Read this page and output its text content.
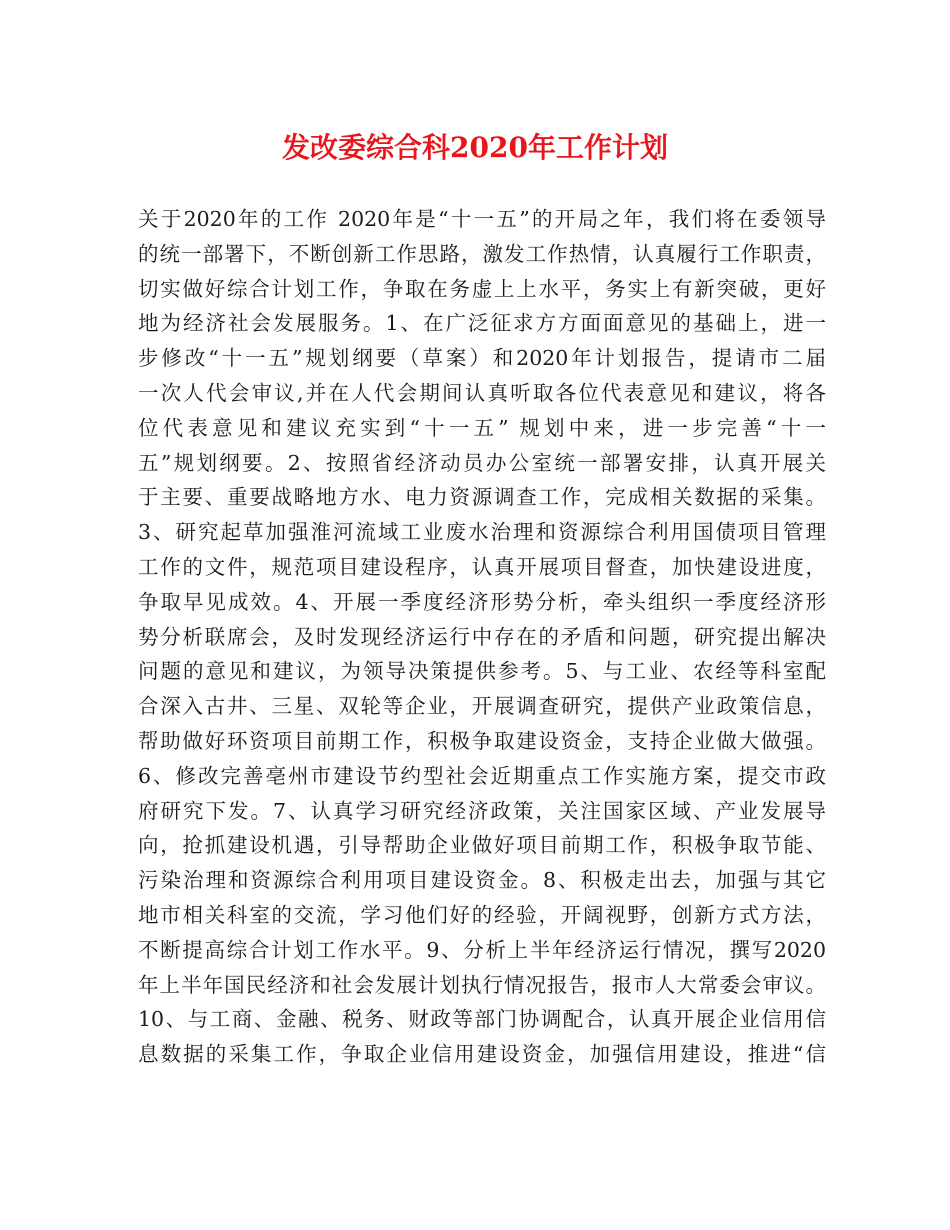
发改委综合科2020年工作计划
关于2020年的工作 2020年是“十一五”的开局之年，我们将在委领导
的统一部署下，不断创新工作思路，激发工作热情，认真履行工作职责，
切实做好综合计划工作，争取在务虚上上水平，务实上有新突破，更好
地为经济社会发展服务。1、在广泛征求方方面面意见的基础上，进一
步修改“十一五”规划纲要（草案）和2020年计划报告，提请市二届
一次人代会审议,并在人代会期间认真听取各位代表意见和建议，将各
位代表意见和建议充实到“十一五” 规划中来，进一步完善“十一
五”规划纲要。2、按照省经济动员办公室统一部署安排，认真开展关
于主要、重要战略地方水、电力资源调查工作，完成相关数据的采集。
3、研究起草加强淮河流域工业废水治理和资源综合利用国债项目管理
工作的文件，规范项目建设程序，认真开展项目督查，加快建设进度，
争取早见成效。4、开展一季度经济形势分析，牵头组织一季度经济形
势分析联席会，及时发现经济运行中存在的矛盾和问题，研究提出解决
问题的意见和建议，为领导决策提供参考。5、与工业、农经等科室配
合深入古井、三星、双轮等企业，开展调查研究，提供产业政策信息，
帮助做好环资项目前期工作，积极争取建设资金，支持企业做大做强。
6、修改完善亳州市建设节约型社会近期重点工作实施方案，提交市政
府研究下发。7、认真学习研究经济政策，关注国家区域、产业发展导
向，抢抓建设机遇，引导帮助企业做好项目前期工作，积极争取节能、
污染治理和资源综合利用项目建设资金。8、积极走出去，加强与其它
地市相关科室的交流，学习他们好的经验，开阔视野，创新方式方法，
不断提高综合计划工作水平。9、分析上半年经济运行情况，撰写2020
年上半年国民经济和社会发展计划执行情况报告，报市人大常委会审议。
10、与工商、金融、税务、财政等部门协调配合，认真开展企业信用信
息数据的采集工作，争取企业信用建设资金，加强信用建设，推进“信
